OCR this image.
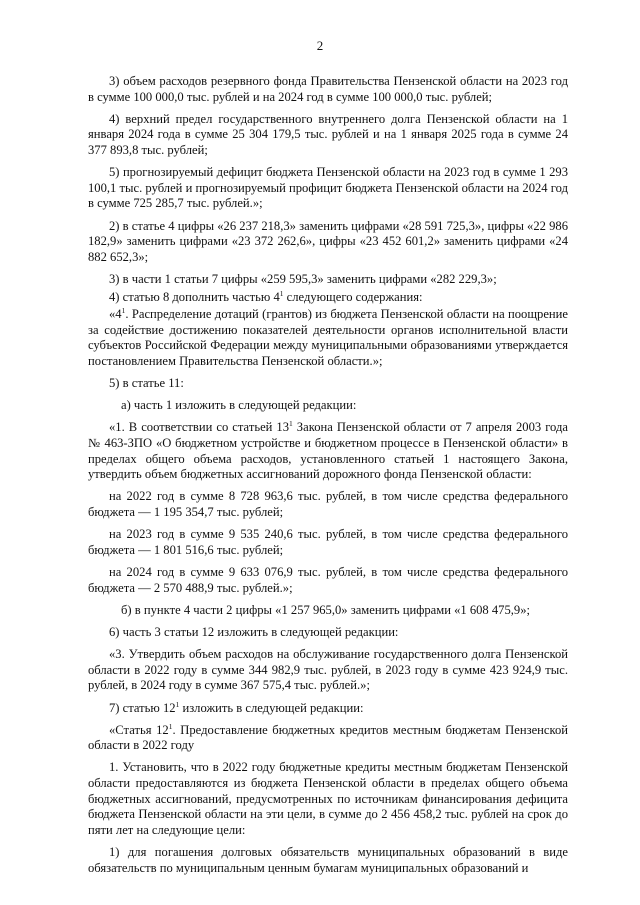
2

3) объем расходов резервного фонда Правительства Пензенской области на 2023 год в сумме 100 000,0 тыс. рублей и на 2024 год в сумме 100 000,0 тыс. рублей;

4) верхний предел государственного внутреннего долга Пензенской области на 1 января 2024 года в сумме 25 304 179,5 тыс. рублей и на 1 января 2025 года в сумме 24 377 893,8 тыс. рублей;

5) прогнозируемый дефицит бюджета Пензенской области на 2023 год в сумме 1 293 100,1 тыс. рублей и прогнозируемый профицит бюджета Пензенской области на 2024 год в сумме 725 285,7 тыс. рублей.»;

2) в статье 4 цифры «26 237 218,3» заменить цифрами «28 591 725,3», цифры «22 986 182,9» заменить цифрами «23 372 262,6», цифры «23 452 601,2» заменить цифрами «24 882 652,3»;

3) в части 1 статьи 7 цифры «259 595,3» заменить цифрами «282 229,3»;

4) статью 8 дополнить частью $4^1$ следующего содержания:

«$4^1$. Распределение дотаций (грантов) из бюджета Пензенской области на поощрение за содействие достижению показателей деятельности органов исполнительной власти субъектов Российской Федерации между муниципальными образованиями утверждается постановлением Правительства Пензенской области.»;

5) в статье 11:

а) часть 1 изложить в следующей редакции:

«1. В соответствии со статьей $13^1$ Закона Пензенской области от 7 апреля 2003 года № 463-ЗПО «О бюджетном устройстве и бюджетном процессе в Пензенской области» в пределах общего объема расходов, установленного статьей 1 настоящего Закона, утвердить объем бюджетных ассигнований дорожного фонда Пензенской области:

на 2022 год в сумме 8 728 963,6 тыс. рублей, в том числе средства федерального бюджета — 1 195 354,7 тыс. рублей;

на 2023 год в сумме 9 535 240,6 тыс. рублей, в том числе средства федерального бюджета — 1 801 516,6 тыс. рублей;

на 2024 год в сумме 9 633 076,9 тыс. рублей, в том числе средства федерального бюджета — 2 570 488,9 тыс. рублей.»;

б) в пункте 4 части 2 цифры «1 257 965,0» заменить цифрами «1 608 475,9»;

6) часть 3 статьи 12 изложить в следующей редакции:

«3. Утвердить объем расходов на обслуживание государственного долга Пензенской области в 2022 году в сумме 344 982,9 тыс. рублей, в 2023 году в сумме 423 924,9 тыс. рублей, в 2024 году в сумме 367 575,4 тыс. рублей.»;

7) статью $12^1$ изложить в следующей редакции:

«Статья $12^1$. Предоставление бюджетных кредитов местным бюджетам Пензенской области в 2022 году

1. Установить, что в 2022 году бюджетные кредиты местным бюджетам Пензенской области предоставляются из бюджета Пензенской области в пределах общего объема бюджетных ассигнований, предусмотренных по источникам финансирования дефицита бюджета Пензенской области на эти цели, в сумме до 2 456 458,2 тыс. рублей на срок до пяти лет на следующие цели:

1) для погашения долговых обязательств муниципальных образований в виде обязательств по муниципальным ценным бумагам муниципальных образований и
